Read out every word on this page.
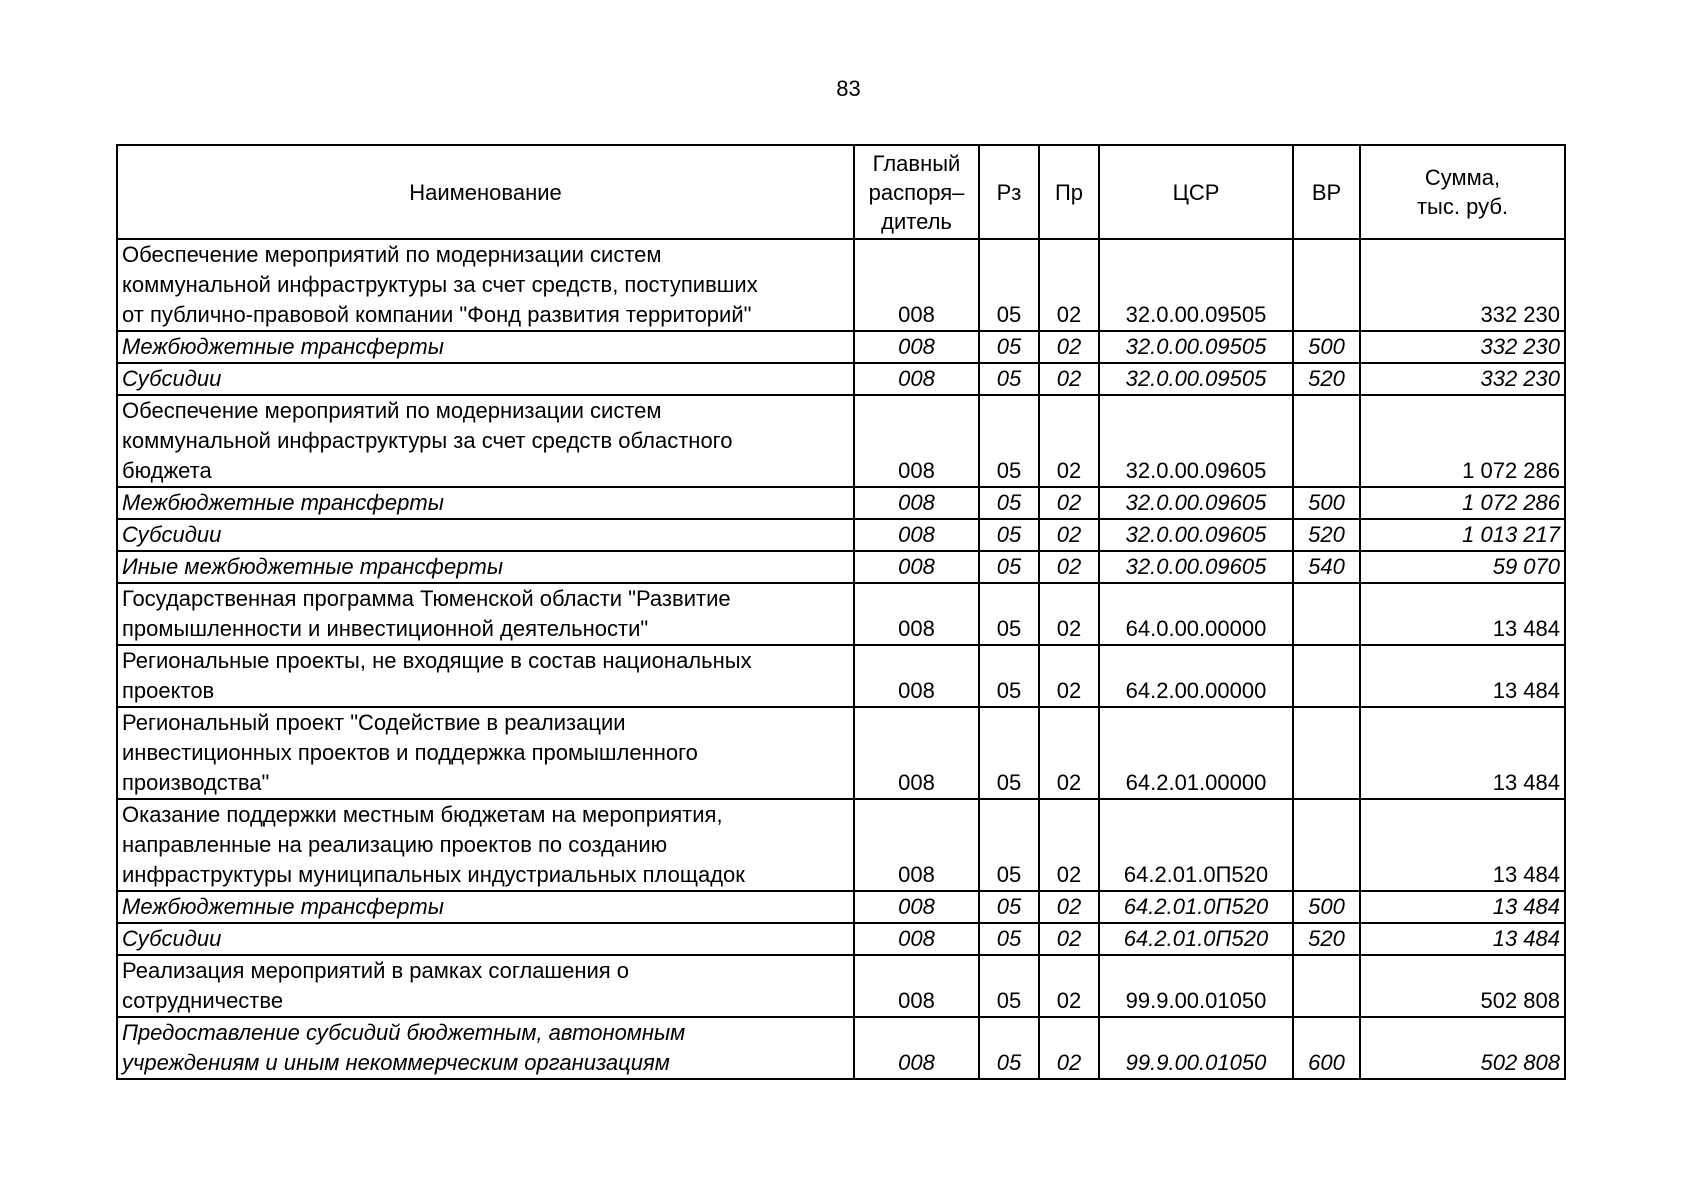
83
Наименование	Главный
распоря–
дитель	Рз	Пр	ЦСР	ВР	Сумма,
тыс. руб.

Обеспечение мероприятий по модернизации систем
коммунальной инфраструктуры за счет средств, поступивших
от публично-правовой компании "Фонд развития территорий"	008	05	02	32.0.00.09505		332 230

Межбюджетные трансферты	008	05	02	32.0.00.09505	500	332 230

Субсидии	008	05	02	32.0.00.09505	520	332 230

Обеспечение мероприятий по модернизации систем
коммунальной инфраструктуры за счет средств областного
бюджета	008	05	02	32.0.00.09605		1 072 286

Межбюджетные трансферты	008	05	02	32.0.00.09605	500	1 072 286

Субсидии	008	05	02	32.0.00.09605	520	1 013 217

Иные межбюджетные трансферты	008	05	02	32.0.00.09605	540	59 070

Государственная программа Тюменской области "Развитие
промышленности и инвестиционной деятельности"	008	05	02	64.0.00.00000		13 484

Региональные проекты, не входящие в состав национальных
проектов	008	05	02	64.2.00.00000		13 484

Региональный проект "Содействие в реализации
инвестиционных проектов и поддержка промышленного
производства"	008	05	02	64.2.01.00000		13 484

Оказание поддержки местным бюджетам на мероприятия,
направленные на реализацию проектов по созданию
инфраструктуры муниципальных индустриальных площадок	008	05	02	64.2.01.0П520		13 484

Межбюджетные трансферты	008	05	02	64.2.01.0П520	500	13 484

Субсидии	008	05	02	64.2.01.0П520	520	13 484

Реализация мероприятий в рамках соглашения о
сотрудничестве	008	05	02	99.9.00.01050		502 808

Предоставление субсидий бюджетным, автономным
учреждениям и иным некоммерческим организациям	008	05	02	99.9.00.01050	600	502 808
